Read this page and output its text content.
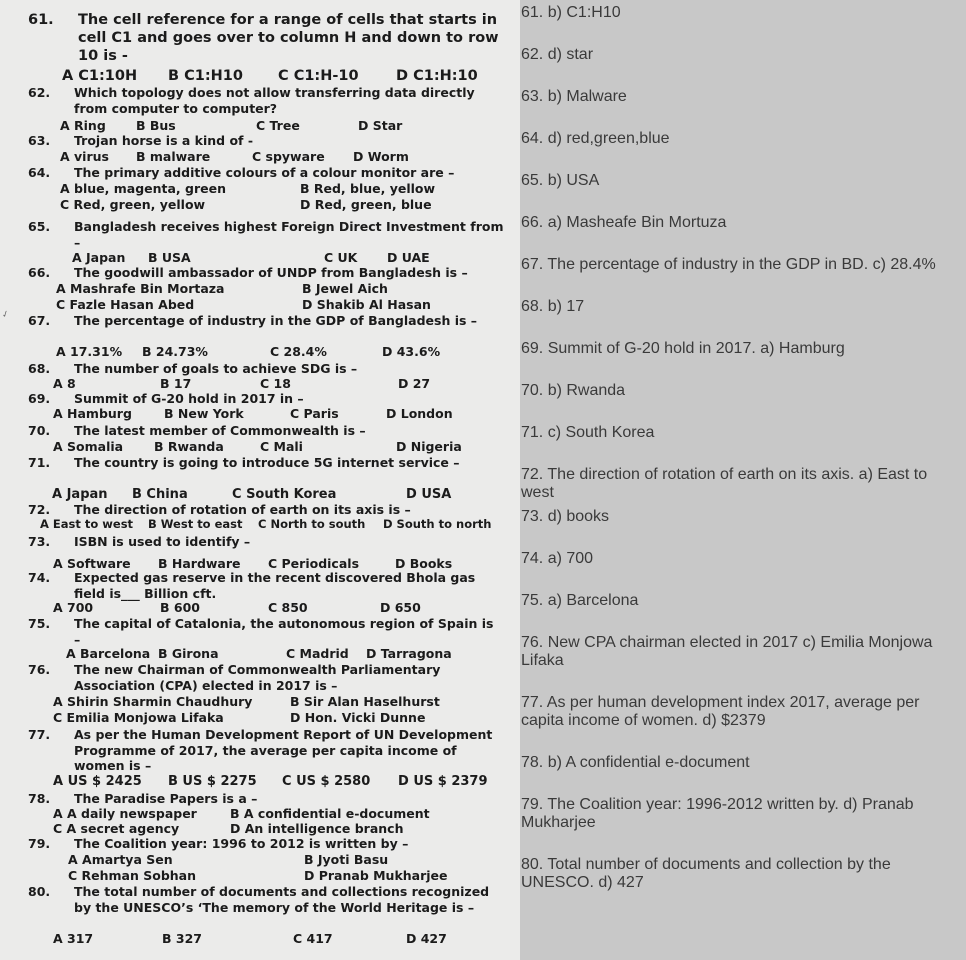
✓
61. The cell reference for a range of cells that starts in cell C1 and goes over to column H and down to row 10 is -
A C1:10H B C1:H10 C C1:H-10	D C1:H:10
62. Which topology does not allow transferring data directly from computer to computer?
A Ring B Bus	C Tree	D Star
63. Trojan horse is a kind of -
A virus B malware	C spyware D Worm
64. The primary additive colours of a colour monitor are –
A blue, magenta, green	B Red, blue, yellow
C Red, green, yellow	D Red, green, blue
65. Bangladesh receives highest Foreign Direct Investment from –
A Japan B USA	C UK D UAE
66. The goodwill ambassador of UNDP from Bangladesh is –
A Mashrafe Bin Mortaza	B Jewel Aich
C Fazle Hasan Abed	D Shakib Al Hasan
67. The percentage of industry in the GDP of Bangladesh is –
A 17.31% B 24.73%	C 28.4%	D 43.6%
68. The number of goals to achieve SDG is –
A 8	B 17	C 18	D 27
69. Summit of G-20 hold in 2017 in –
A Hamburg	B New York	C Paris	D London
70. The latest member of Commonwealth is –
A Somalia B Rwanda	C Mali	D Nigeria
71. The country is going to introduce 5G internet service –
A Japan B China	C South Korea	D USA
72. The direction of rotation of earth on its axis is –
A East to west B West to east C North to south D South to north
73. ISBN is used to identify –
A Software B Hardware C Periodicals	D Books
74. Expected gas reserve in the recent discovered Bhola gas field is___ Billion cft.
A 700	B 600	C 850	D 650
75. The capital of Catalonia, the autonomous region of Spain is –
A Barcelona B Girona	C Madrid D Tarragona
76. The new Chairman of Commonwealth Parliamentary Association (CPA) elected in 2017 is –
A Shirin Sharmin Chaudhury	B Sir Alan Haselhurst
C Emilia Monjowa Lifaka	D Hon. Vicki Dunne
77. As per the Human Development Report of UN Development Programme of 2017, the average per capita income of women is –
A US $ 2425 B US $ 2275 C US $ 2580 D US $ 2379
78. The Paradise Papers is a –
A A daily newspaper	B A confidential e-document
C A secret agency	D An intelligence branch
79. The Coalition year: 1996 to 2012 is written by –
A Amartya Sen	B Jyoti Basu
C Rehman Sobhan	D Pranab Mukharjee
80. The total number of documents and collections recognized by the UNESCO’s ‘The memory of the World Heritage is –
A 317	B 327	C 417	D 427
61. b) C1:H10
62. d) star
63. b) Malware
64. d) red,green,blue
65. b) USA
66. a) Masheafe Bin Mortuza
67. The percentage of industry in the GDP in BD. c) 28.4%
68. b) 17
69. Summit of G-20 hold in 2017. a) Hamburg
70. b) Rwanda
71. c) South Korea
72. The direction of rotation of earth on its axis. a) East to west
73. d) books
74. a) 700
75. a) Barcelona
76. New CPA chairman elected in 2017 c) Emilia Monjowa Lifaka
77. As per human development index 2017, average per capita income of women. d) $2379
78. b) A confidential e-document
79. The Coalition year: 1996-2012 written by. d) Pranab Mukharjee
80. Total number of documents and collection by the UNESCO. d) 427
